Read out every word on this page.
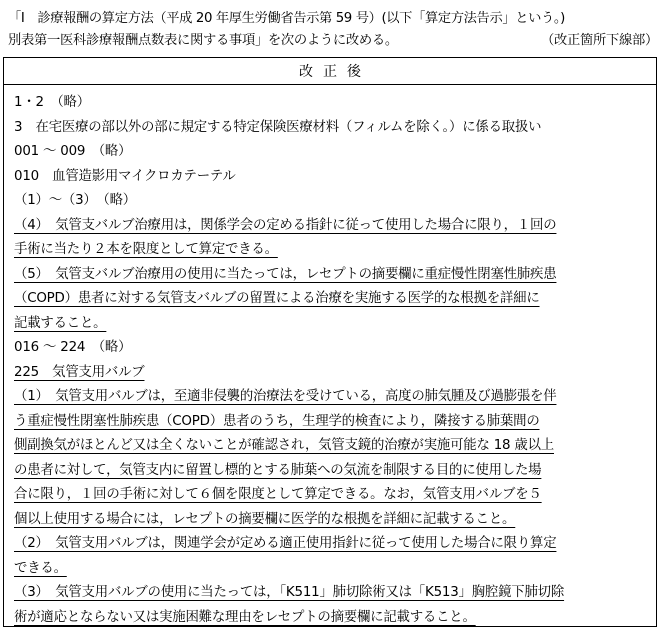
「Ⅰ　診療報酬の算定方法（平成 20 年厚生労働省告示第 59 号）(以下「算定方法告示」という。)
別表第一医科診療報酬点数表に関する事項」を次のように改める。	（改正箇所下線部）
改正後
1・2　（略）
3　在宅医療の部以外の部に規定する特定保険医療材料（フィルムを除く。）に係る取扱い
001 ～ 009　（略）
010　血管造影用マイクロカテーテル
（1）～（3）　（略）
（4）　気管支バルブ治療用は，関係学会の定める指針に従って使用した場合に限り，１回の
手術に当たり２本を限度として算定できる。
（5）　気管支バルブ治療用の使用に当たっては，レセプトの摘要欄に重症慢性閉塞性肺疾患
（COPD）患者に対する気管支バルブの留置による治療を実施する医学的な根拠を詳細に
記載すること。
016 ～ 224　（略）
225　気管支用バルブ
（1）　気管支用バルブは，至適非侵襲的治療法を受けている，高度の肺気腫及び過膨張を伴
う重症慢性閉塞性肺疾患（COPD）患者のうち，生理学的検査により，隣接する肺葉間の
側副換気がほとんど又は全くないことが確認され，気管支鏡的治療が実施可能な 18 歳以上
の患者に対して，気管支内に留置し標的とする肺葉への気流を制限する目的に使用した場
合に限り，１回の手術に対して６個を限度として算定できる。なお，気管支用バルブを５
個以上使用する場合には，レセプトの摘要欄に医学的な根拠を詳細に記載すること。
（2）　気管支用バルブは，関連学会が定める適正使用指針に従って使用した場合に限り算定
できる。
（3）　気管支用バルブの使用に当たっては，「K511」肺切除術又は「K513」胸腔鏡下肺切除
術が適応とならない又は実施困難な理由をレセプトの摘要欄に記載すること。
